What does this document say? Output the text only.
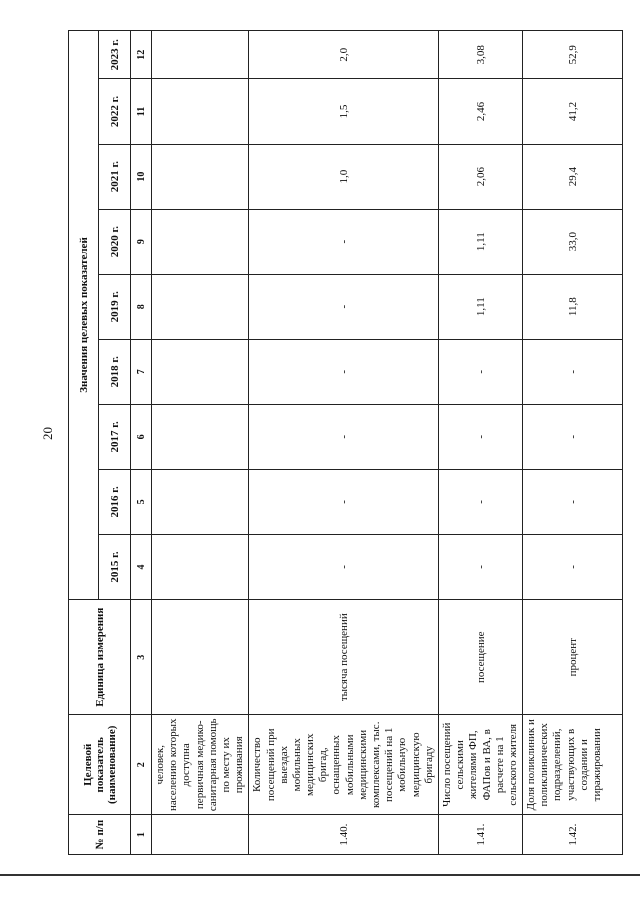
20
№ п/п	Целевой показатель (наименование)	Единица измерения	Значения целевых показателей								
			2015 г.	2016 г.	2017 г.	2018 г.	2019 г.	2020 г.	2021 г.	2022 г.	2023 г.
1	2	3	4	5	6	7	8	9	10	11	12
	человек, населению которых доступна первичная медико-санитарная помощь по месту их проживания										
1.40.	Количество посещений при выездах мобильных медицинских бригад, оснащенных мобильными медицинскими комплексами, тыс. посещений на 1 мобильную медицинскую бригаду	тысяча посещений	-	-	-	-	-	-	1,0	1,5	2,0
1.41.	Число посещений сельскими жителями ФП, ФАПов и ВА, в расчете на 1 сельского жителя	посещение	-	-	-	-	1,11	1,11	2,06	2,46	3,08
1.42.	Доля поликлиник и поликлинических подразделений, участвующих в создании и тиражировании	процент	-	-	-	-	11,8	33,0	29,4	41,2	52,9
